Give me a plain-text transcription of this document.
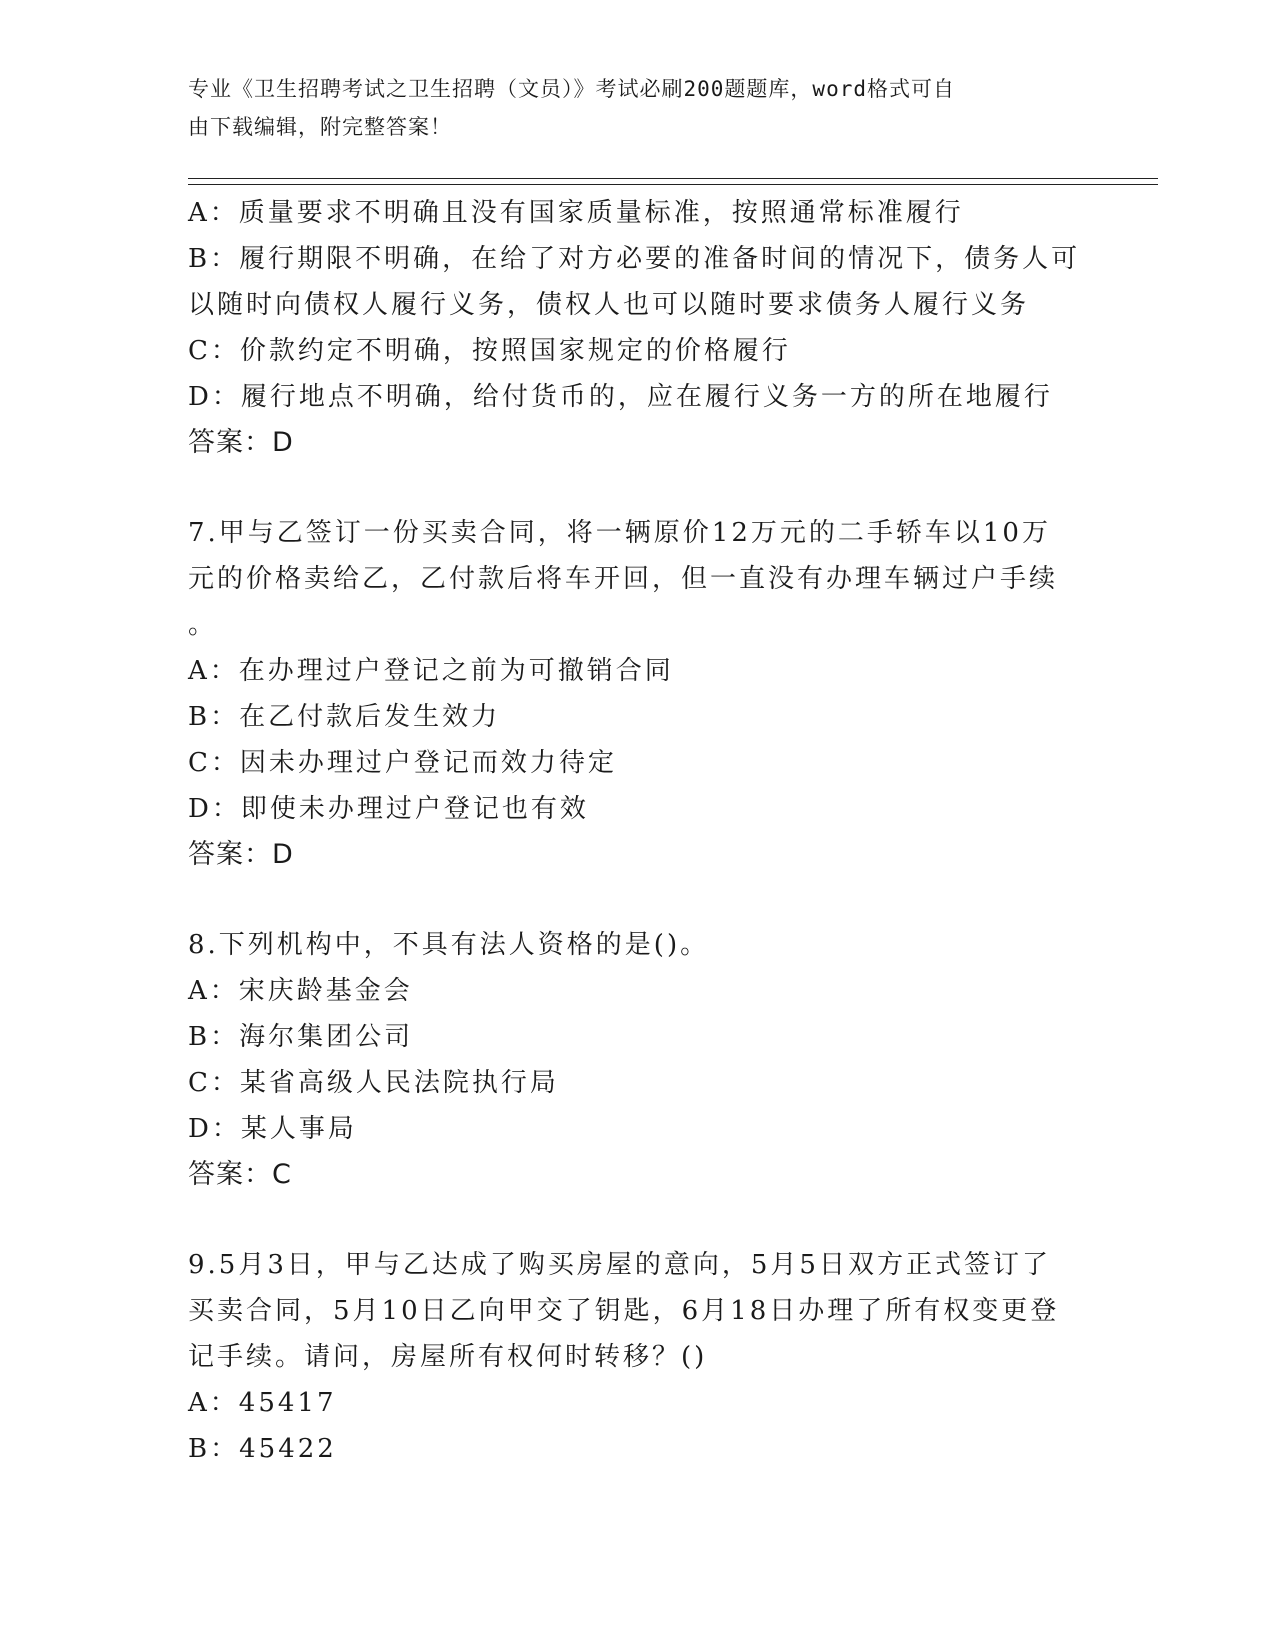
专业《卫生招聘考试之卫生招聘（文员）》考试必刷200题题库，word格式可自
由下载编辑，附完整答案！
A：质量要求不明确且没有国家质量标准，按照通常标准履行
B：履行期限不明确，在给了对方必要的准备时间的情况下，债务人可以随时向债权人履行义务，债权人也可以随时要求债务人履行义务
C：价款约定不明确，按照国家规定的价格履行
D：履行地点不明确，给付货币的，应在履行义务一方的所在地履行
答案：D
7.甲与乙签订一份买卖合同，将一辆原价12万元的二手轿车以10万
元的价格卖给乙，乙付款后将车开回，但一直没有办理车辆过户手续
。
A：在办理过户登记之前为可撤销合同
B：在乙付款后发生效力
C：因未办理过户登记而效力待定
D：即使未办理过户登记也有效
答案：D
8.下列机构中，不具有法人资格的是()。
A：宋庆龄基金会
B：海尔集团公司
C：某省高级人民法院执行局
D：某人事局
答案：C
9.5月3日，甲与乙达成了购买房屋的意向，5月5日双方正式签订了
买卖合同，5月10日乙向甲交了钥匙，6月18日办理了所有权变更登
记手续。请问，房屋所有权何时转移？()
A：45417
B：45422
